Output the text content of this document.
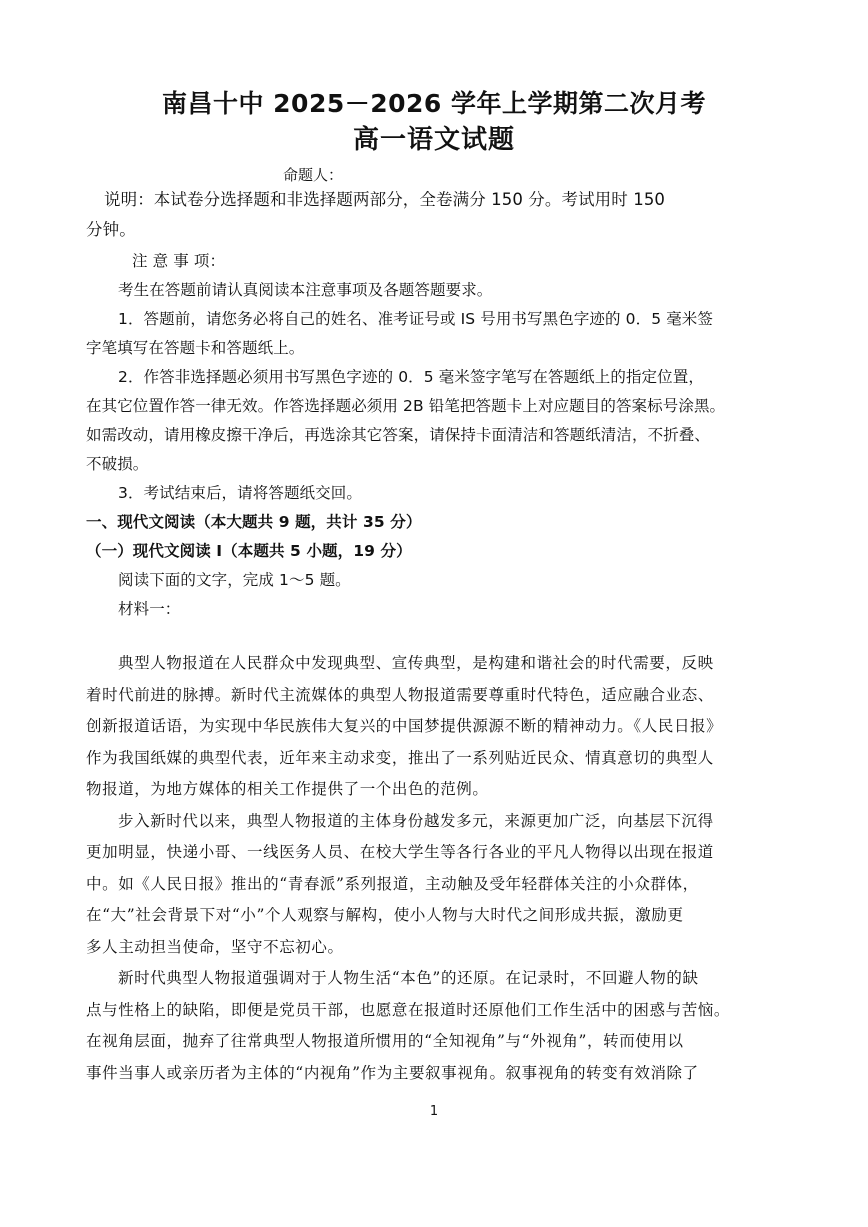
南昌十中 2025－2026 学年上学期第二次月考
高一语文试题
命题人：
说明：本试卷分选择题和非选择题两部分，全卷满分 150 分。考试用时 150
分钟。
注 意 事 项：
考生在答题前请认真阅读本注意事项及各题答题要求。
1．答题前，请您务必将自己的姓名、准考证号或 IS 号用书写黑色字迹的 0．5 毫米签
字笔填写在答题卡和答题纸上。
2．作答非选择题必须用书写黑色字迹的 0．5 毫米签字笔写在答题纸上的指定位置，
在其它位置作答一律无效。作答选择题必须用 2B 铅笔把答题卡上对应题目的答案标号涂黑。
如需改动，请用橡皮擦干净后，再选涂其它答案，请保持卡面清洁和答题纸清洁，不折叠、
不破损。
3．考试结束后，请将答题纸交回。
一、现代文阅读（本大题共 9 题，共计 35 分）
（一）现代文阅读 I（本题共 5 小题，19 分）
阅读下面的文字，完成 1～5 题。
材料一：
典型人物报道在人民群众中发现典型、宣传典型，是构建和谐社会的时代需要，反映
着时代前进的脉搏。新时代主流媒体的典型人物报道需要尊重时代特色，适应融合业态、
创新报道话语，为实现中华民族伟大复兴的中国梦提供源源不断的精神动力。《人民日报》
作为我国纸媒的典型代表，近年来主动求变，推出了一系列贴近民众、情真意切的典型人
物报道，为地方媒体的相关工作提供了一个出色的范例。
步入新时代以来，典型人物报道的主体身份越发多元，来源更加广泛，向基层下沉得
更加明显，快递小哥、一线医务人员、在校大学生等各行各业的平凡人物得以出现在报道
中。如《人民日报》推出的“青春派”系列报道，主动触及受年轻群体关注的小众群体，
在“大”社会背景下对“小”个人观察与解构，使小人物与大时代之间形成共振，激励更
多人主动担当使命，坚守不忘初心。
新时代典型人物报道强调对于人物生活“本色”的还原。在记录时，不回避人物的缺
点与性格上的缺陷，即便是党员干部，也愿意在报道时还原他们工作生活中的困惑与苦恼。
在视角层面，抛弃了往常典型人物报道所惯用的“全知视角”与“外视角”，转而使用以
事件当事人或亲历者为主体的“内视角”作为主要叙事视角。叙事视角的转变有效消除了
1
